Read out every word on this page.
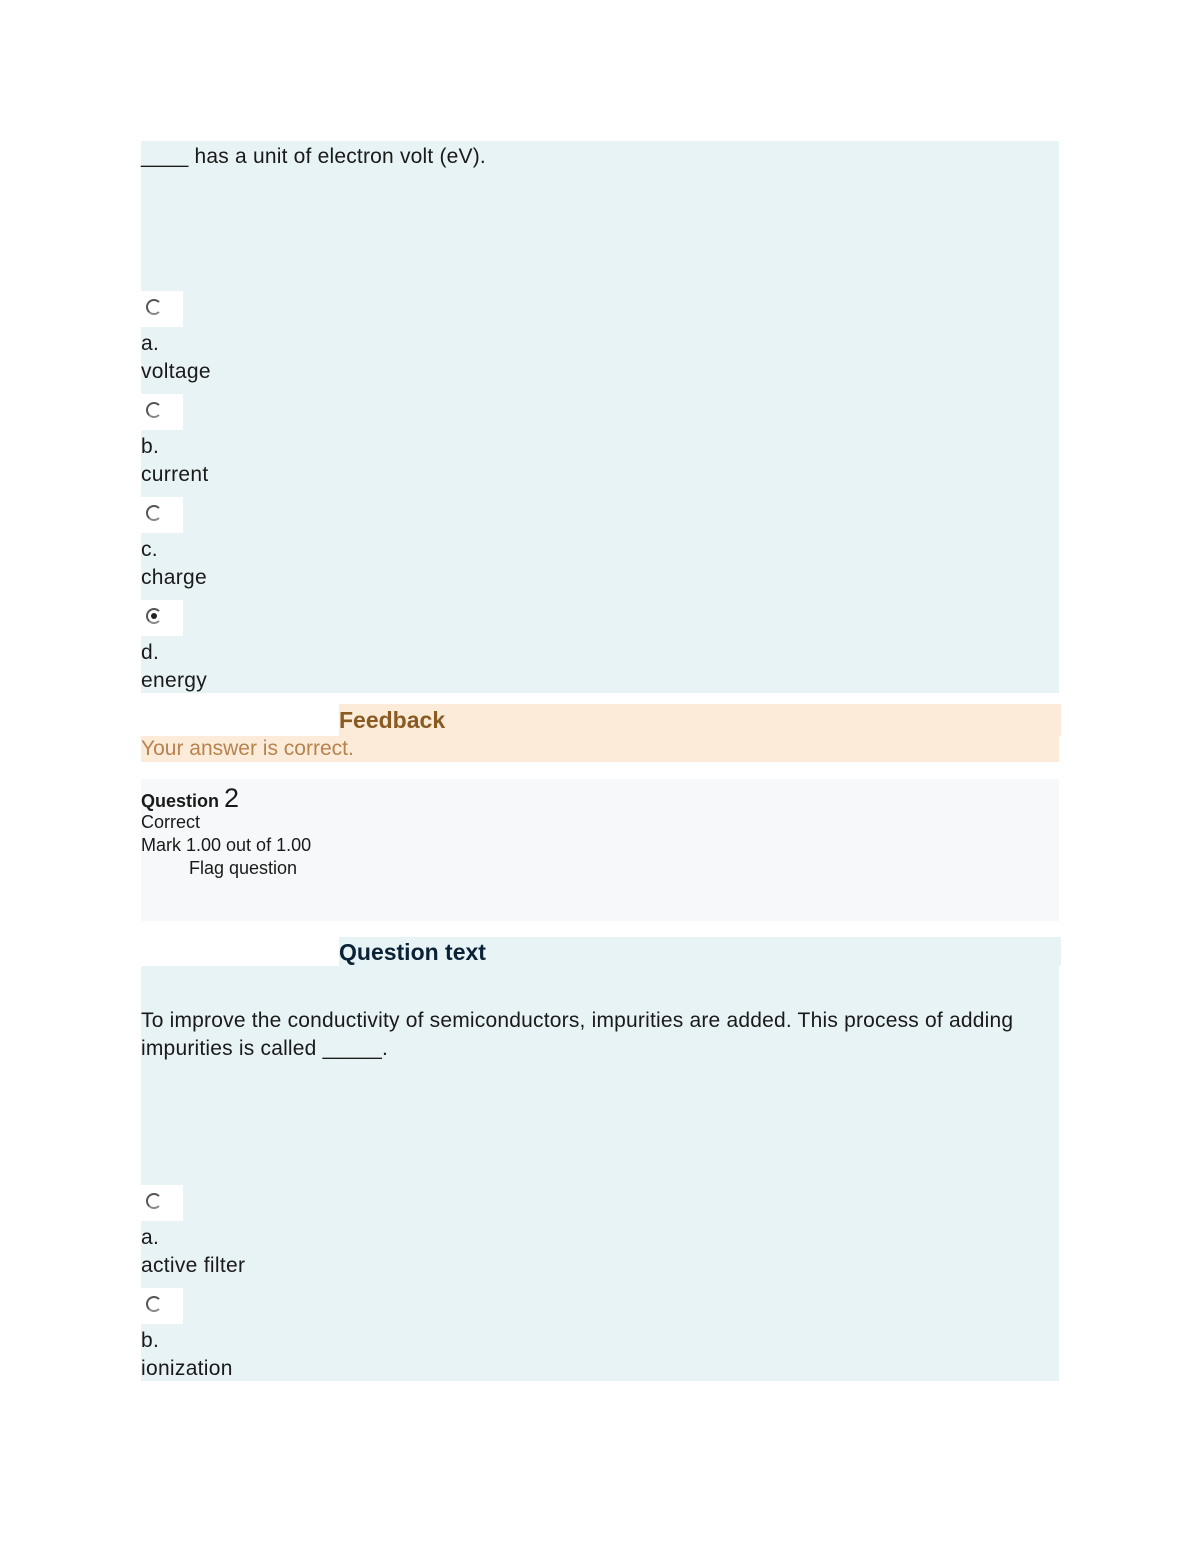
____ has a unit of electron volt (eV).

a.
voltage
b.
current
c.
charge
d.
energy
Feedback
Your answer is correct.
Question 2
Correct
Mark 1.00 out of 1.00
Flag question
Question text

To improve the conductivity of semiconductors, impurities are added. This process of adding impurities is called _____.

a.
active filter
b.
ionization
